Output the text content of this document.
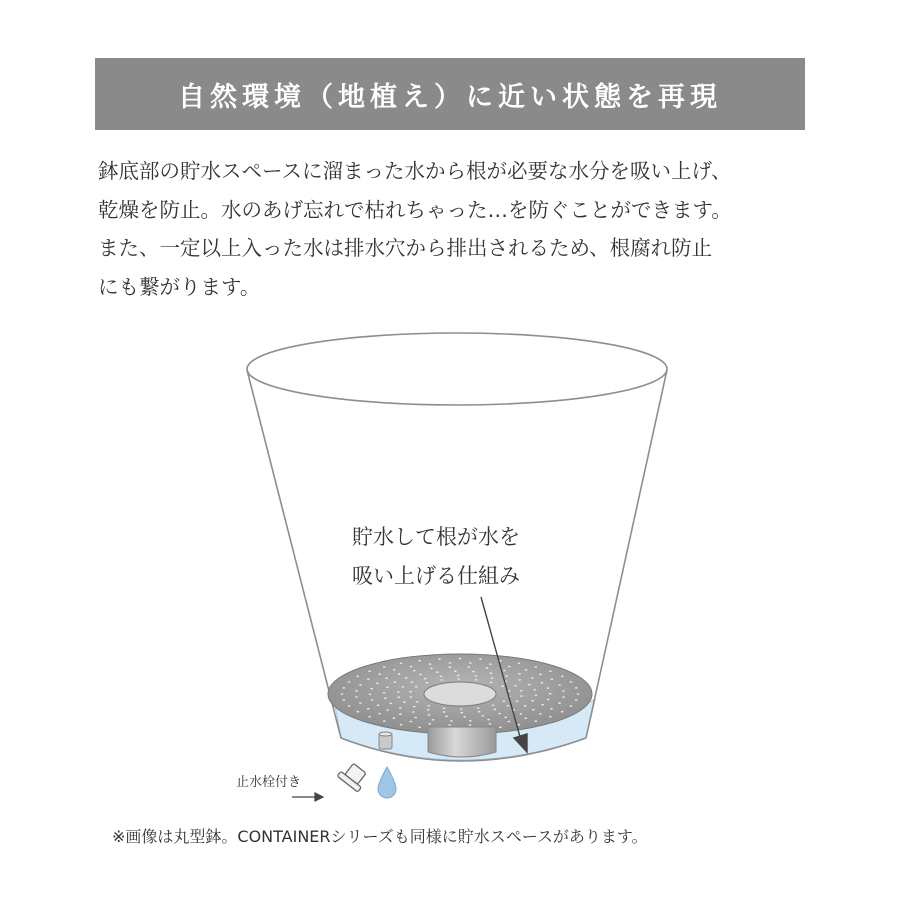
自然環境（地植え）に近い状態を再現
鉢底部の貯水スペースに溜まった水から根が必要な水分を吸い上げ、
乾燥を防止。水のあげ忘れで枯れちゃった…を防ぐことができます。
また、一定以上入った水は排水穴から排出されるため、根腐れ防止
にも繋がります。
貯水して根が水を
吸い上げる仕組み
止水栓付き
※画像は丸型鉢。CONTAINERシリーズも同様に貯水スペースがあります。
